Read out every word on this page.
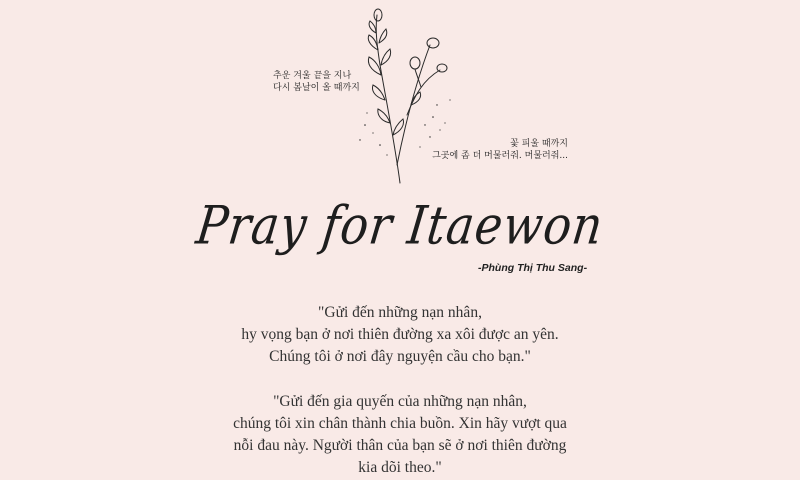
추운 겨울 끝을 지나
다시 봄날이 올 때까지
꽃 피울 때까지
그곳에 좀 더 머물러줘. 머물러줘...
Pray for Itaewon
-Phùng Thị Thu Sang-
"Gửi đến những nạn nhân,
hy vọng bạn ở nơi thiên đường xa xôi được an yên.
Chúng tôi ở nơi đây nguyện cầu cho bạn."
"Gửi đến gia quyến của những nạn nhân,
chúng tôi xin chân thành chia buồn. Xin hãy vượt qua
nỗi đau này. Người thân của bạn sẽ ở nơi thiên đường
kia dõi theo."
